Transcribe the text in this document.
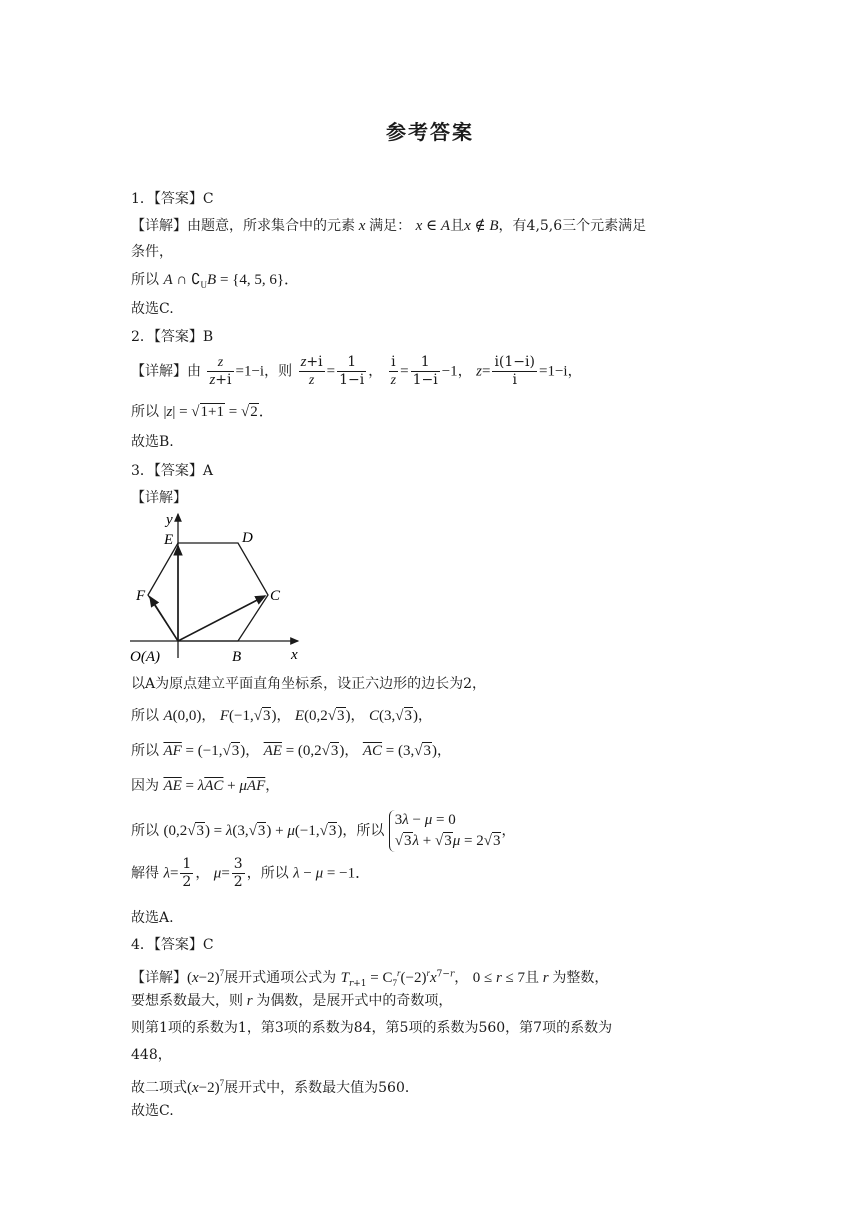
参考答案
1．【答案】C
【详解】由题意，所求集合中的元素 x 满足： x ∈ A且x ∉ B，有4,5,6三个元素满足
条件，
所以 A ∩ $∁_UB = \{4$, 5, 6}．
故选C.
2．【答案】B
【详解】由 $\frac{z}{z+i} =1-i$，则 $\frac{z+i}{z} = \frac{1}{1-i}$ ， $\frac{i}{z} = \frac{1}{1-i} -1$， $z= \frac{i(1-i)}{i} =1-i$，
所以 |z| = √1+1 = √2．
故选B.
3．【答案】A
【详解】
y
x
E	D
F	C
O(A)	B
以A为原点建立平面直角坐标系，设正六边形的边长为2，
所以 A(0,0)， F(−1,√3)， E(0,2√3)， C(3,√3)，
所以 $\overline{AF} = (-1,√3)$， $\overline{AE} = (0,2√3)$， $\overline{AC} = (3,√3)$，
因为 $\overline{AE} = \lambda\overline{AC} + \mu\overline{AF}$，
所以 (0,2√3) = λ(3,√3) + μ(−1,√3)，所以 3λ − μ = 0
√3λ + √3μ = 2√3，
解得 $\lambda= \frac{1}{2}$ ， $\mu= \frac{3}{2}$ ，所以 λ − μ = −1．
故选A.
4．【答案】C
【详解】$(x-2)^7$展开式通项公式为 $T_{r+1} = C_7^r(-2)^rx^{7-r}$， 0 ≤ r ≤ 7且 r 为整数，
要想系数最大，则 r 为偶数，是展开式中的奇数项，
则第1项的系数为1，第3项的系数为84，第5项的系数为560，第7项的系数为
448，
故二项式$(x-2)^7$展开式中，系数最大值为560．
故选C.
